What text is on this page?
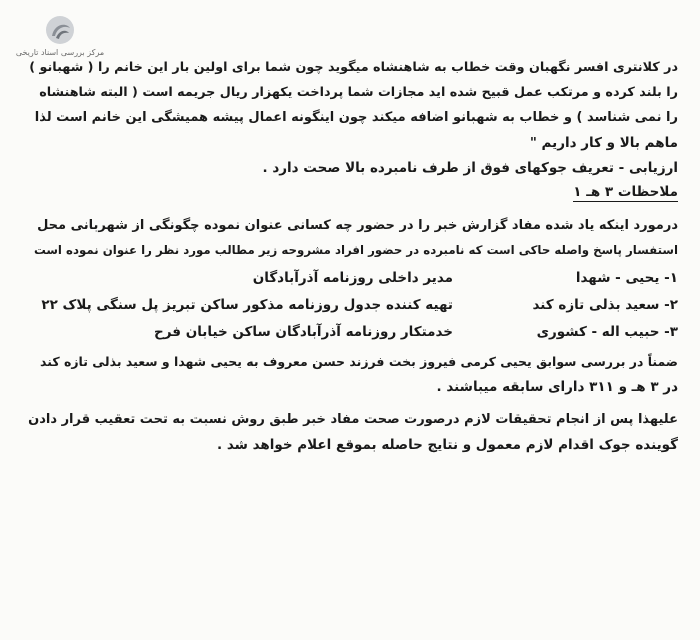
مرکز بررسی اسناد تاریخی
در کلانتری افسر نگهبان وقت خطاب به شاهنشاه میگوید چون شما برای اولین بار این خانم را ( شهبانو )
را بلند کرده و مرتکب عمل قبیح شده اید مجازات شما پرداخت یکهزار ریال جریمه است ( البته شاهنشاه
را نمی شناسد ) و خطاب به شهبانو اضافه میکند چون اینگونه اعمال پیشه همیشگی این خانم است لذا
ماهم بالا و کار داریم "
ارزیابی - تعریف جوکهای فوق از طرف نامبرده بالا صحت دارد .
ملاحظات ۳ هـ ۱
درمورد اینکه یاد شده مفاد گزارش خبر را در حضور چه کسانی عنوان نموده چگونگی از شهربانی محل
استفسار پاسخ واصله حاکی است که نامبرده در حضور افراد مشروحه زیر مطالب مورد نظر را عنوان نموده است
۱- یحیی - شهدا
مدیر داخلی روزنامه آذرآبادگان
۲- سعید بذلی تازه کند
تهیه کننده جدول روزنامه مذکور ساکن تبریز پل سنگی پلاک ۲۲
۳- حبیب اله - کشوری
خدمتکار روزنامه آذرآبادگان ساکن خیابان فرح
ضمناً در بررسی سوابق یحیی کرمی فیروز بخت فرزند حسن معروف به یحیی شهدا و سعید بذلی تازه کند
در ۳ هـ و ۳۱۱ دارای سابقه میباشند .
علیهذا پس از انجام تحقیقات لازم درصورت صحت مفاد خبر طبق روش نسبت به تحت تعقیب قرار دادن
گوینده جوک اقدام لازم معمول و نتایج حاصله بموقع اعلام خواهد شد .
